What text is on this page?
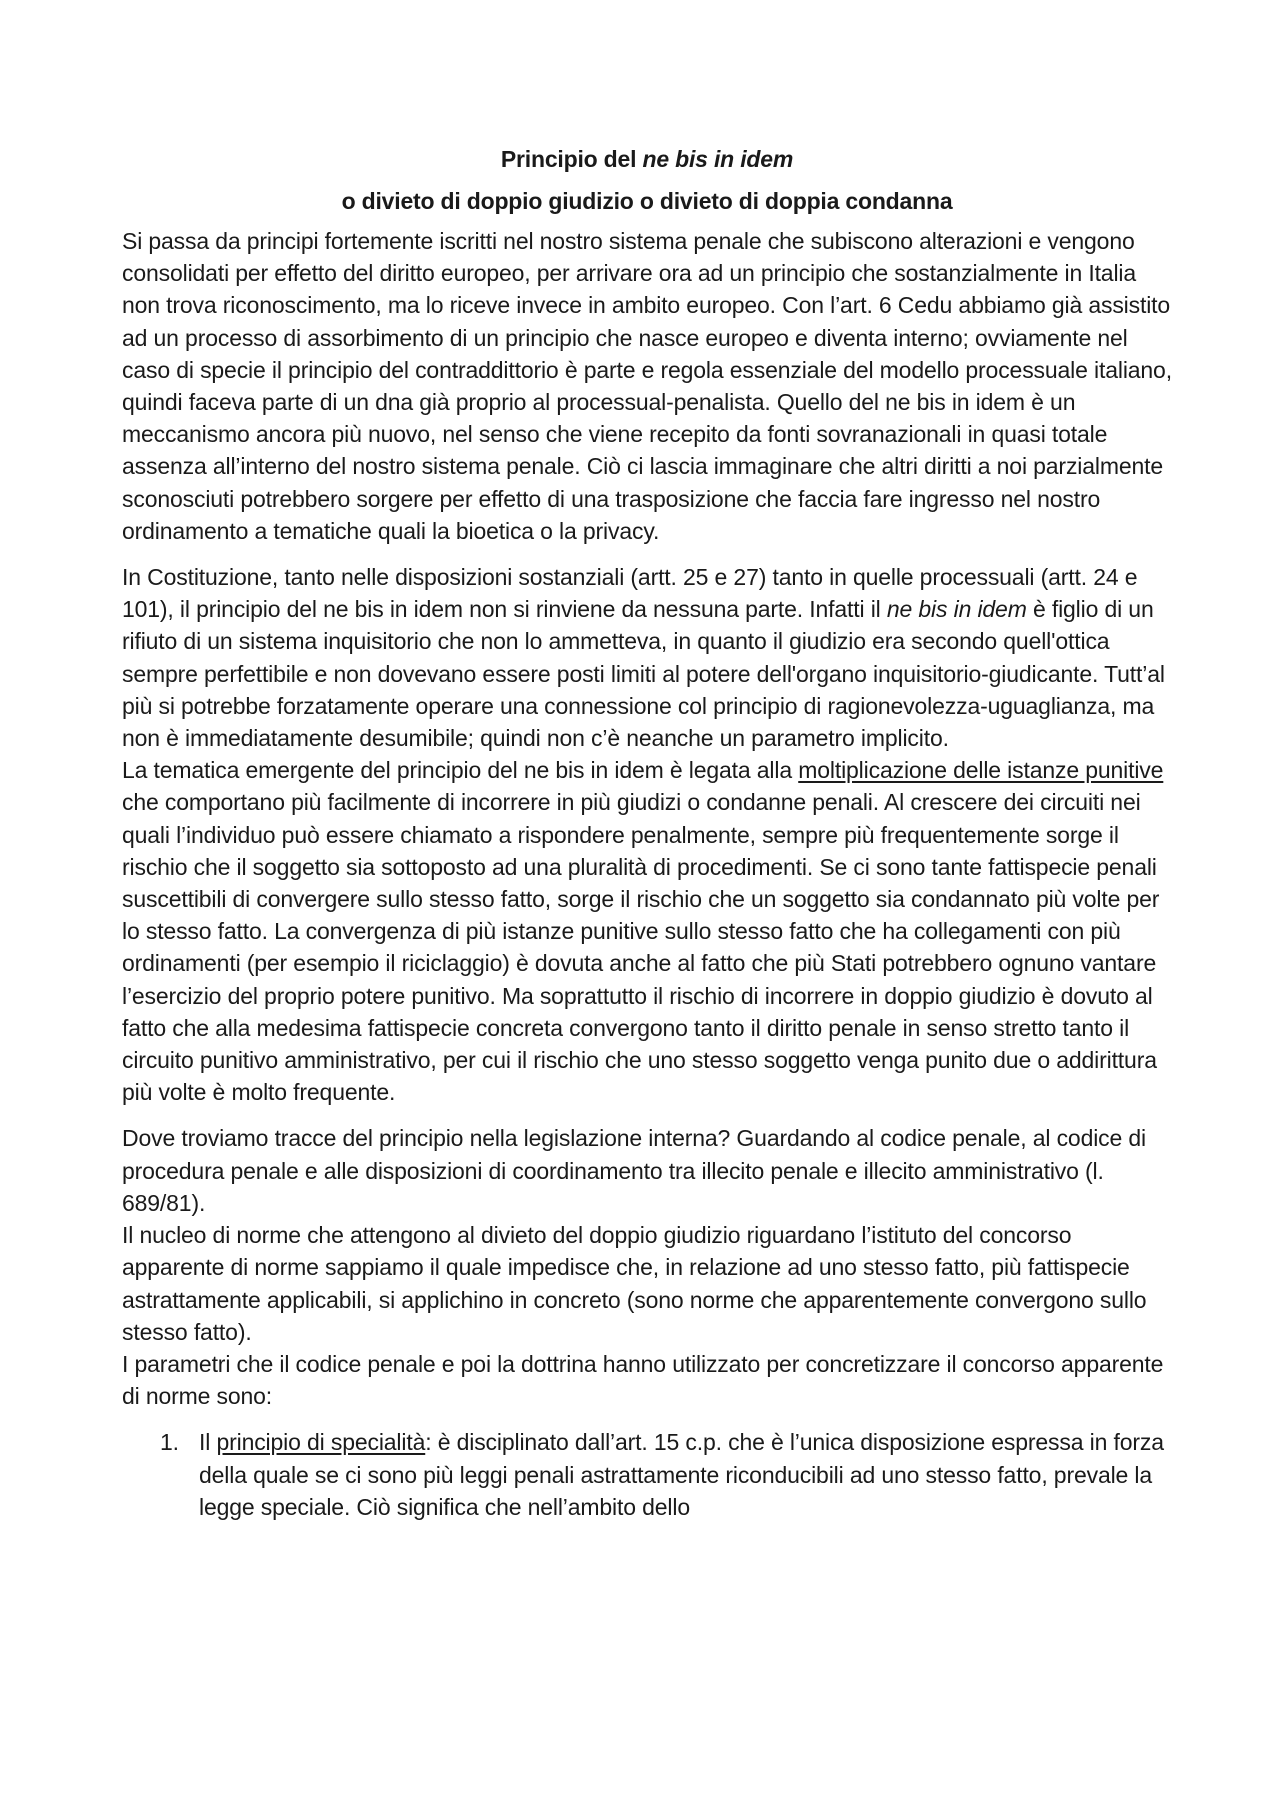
Principio del ne bis in idem
o divieto di doppio giudizio o divieto di doppia condanna

Si passa da principi fortemente iscritti nel nostro sistema penale che subiscono alterazioni e vengono consolidati per effetto del diritto europeo, per arrivare ora ad un principio che sostanzialmente in Italia non trova riconoscimento, ma lo riceve invece in ambito europeo. Con l’art. 6 Cedu abbiamo già assistito ad un processo di assorbimento di un principio che nasce europeo e diventa interno; ovviamente nel caso di specie il principio del contraddittorio è parte e regola essenziale del modello processuale italiano, quindi faceva parte di un dna già proprio al processual-penalista. Quello del ne bis in idem è un meccanismo ancora più nuovo, nel senso che viene recepito da fonti sovranazionali in quasi totale assenza all’interno del nostro sistema penale. Ciò ci lascia immaginare che altri diritti a noi parzialmente sconosciuti potrebbero sorgere per effetto di una trasposizione che faccia fare ingresso nel nostro ordinamento a tematiche quali la bioetica o la privacy.

In Costituzione, tanto nelle disposizioni sostanziali (artt. 25 e 27) tanto in quelle processuali (artt. 24 e 101), il principio del ne bis in idem non si rinviene da nessuna parte. Infatti il ne bis in idem è figlio di un rifiuto di un sistema inquisitorio che non lo ammetteva, in quanto il giudizio era secondo quell'ottica sempre perfettibile e non dovevano essere posti limiti al potere dell'organo inquisitorio-giudicante. Tutt’al più si potrebbe forzatamente operare una connessione col principio di ragionevolezza-uguaglianza, ma non è immediatamente desumibile; quindi non c’è neanche un parametro implicito.

La tematica emergente del principio del ne bis in idem è legata alla moltiplicazione delle istanze punitive che comportano più facilmente di incorrere in più giudizi o condanne penali. Al crescere dei circuiti nei quali l’individuo può essere chiamato a rispondere penalmente, sempre più frequentemente sorge il rischio che il soggetto sia sottoposto ad una pluralità di procedimenti. Se ci sono tante fattispecie penali suscettibili di convergere sullo stesso fatto, sorge il rischio che un soggetto sia condannato più volte per lo stesso fatto. La convergenza di più istanze punitive sullo stesso fatto che ha collegamenti con più ordinamenti (per esempio il riciclaggio) è dovuta anche al fatto che più Stati potrebbero ognuno vantare l’esercizio del proprio potere punitivo. Ma soprattutto il rischio di incorrere in doppio giudizio è dovuto al fatto che alla medesima fattispecie concreta convergono tanto il diritto penale in senso stretto tanto il circuito punitivo amministrativo, per cui il rischio che uno stesso soggetto venga punito due o addirittura più volte è molto frequente.

Dove troviamo tracce del principio nella legislazione interna? Guardando al codice penale, al codice di procedura penale e alle disposizioni di coordinamento tra illecito penale e illecito amministrativo (l. 689/81).

Il nucleo di norme che attengono al divieto del doppio giudizio riguardano l’istituto del concorso apparente di norme sappiamo il quale impedisce che, in relazione ad uno stesso fatto, più fattispecie astrattamente applicabili, si applichino in concreto (sono norme che apparentemente convergono sullo stesso fatto).

I parametri che il codice penale e poi la dottrina hanno utilizzato per concretizzare il concorso apparente di norme sono:

1. Il principio di specialità: è disciplinato dall’art. 15 c.p. che è l’unica disposizione espressa in forza della quale se ci sono più leggi penali astrattamente riconducibili ad uno stesso fatto, prevale la legge speciale. Ciò significa che nell’ambito dello
